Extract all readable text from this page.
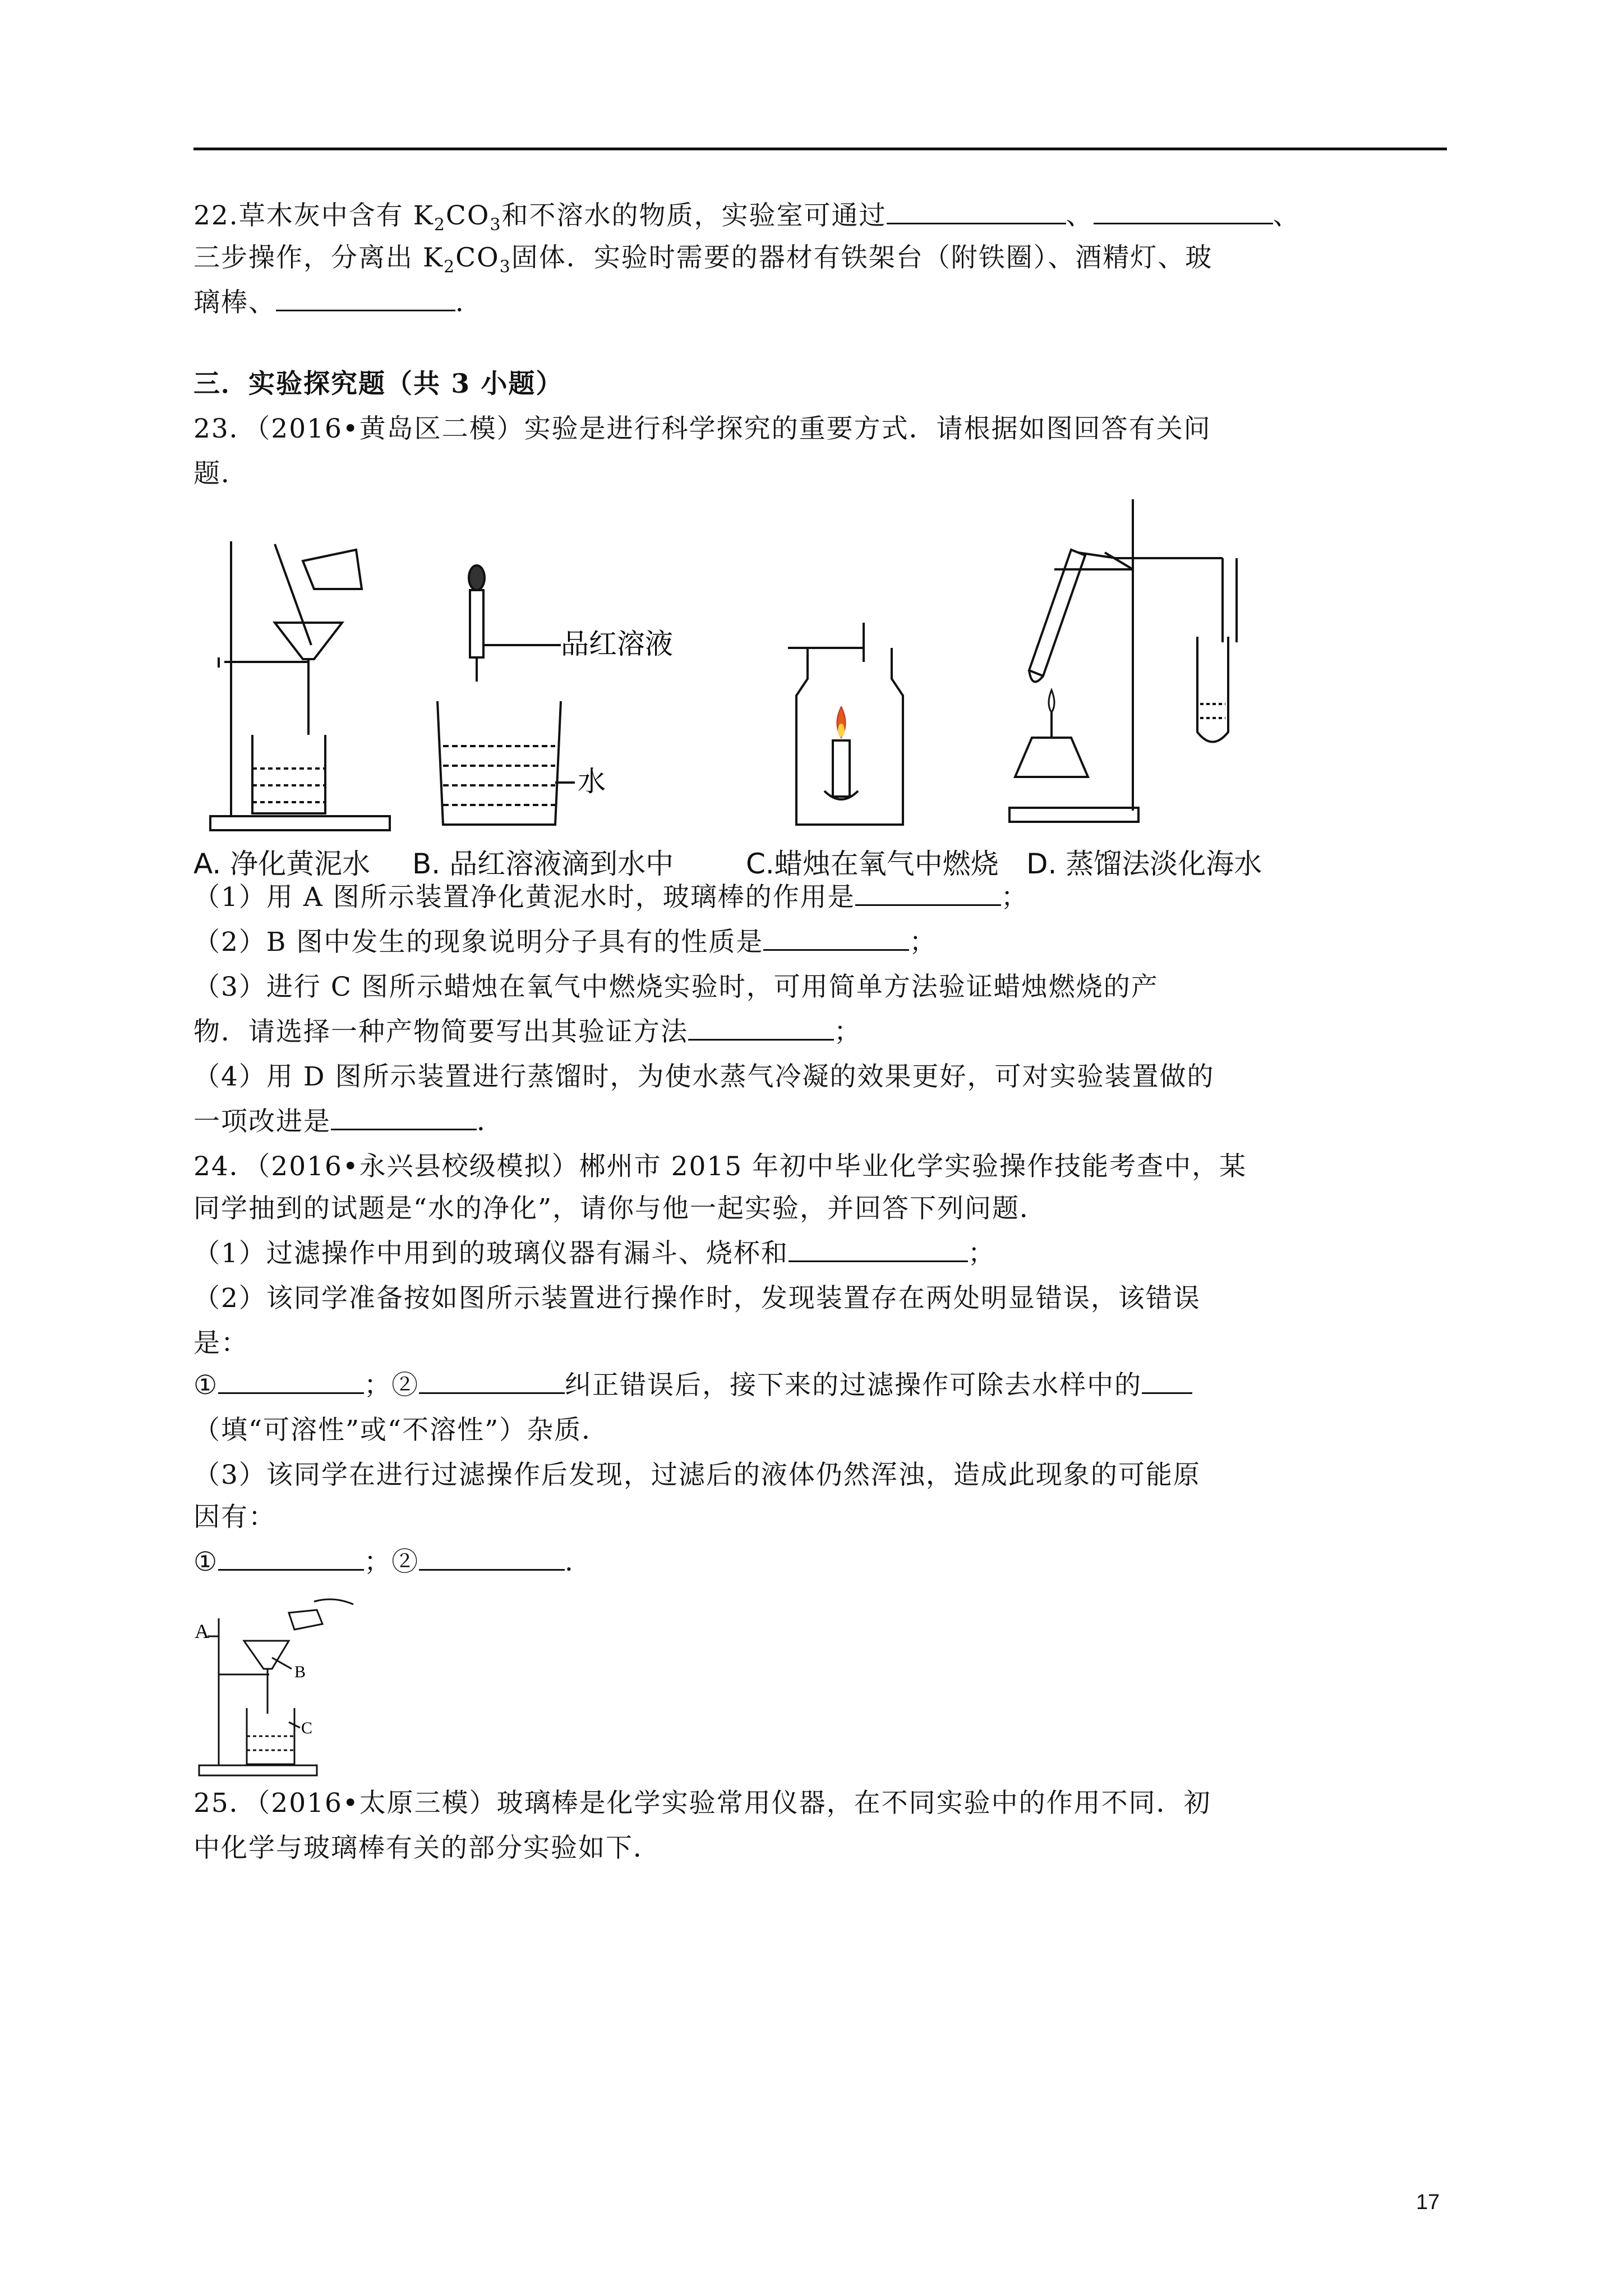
22.草木灰中含有 $K_2CO_3$和不溶水的物质，实验室可通过	、	、
三步操作，分离出 $K_2CO_3$固体．实验时需要的器材有铁架台（附铁圈）、酒精灯、玻
璃棒、	．
三．实验探究题（共 3 小题）
23．（2016•黄岛区二模）实验是进行科学探究的重要方式．请根据如图回答有关问
题．
品红溶液
水
A. 净化黄泥水 B. 品红溶液滴到水中	C.蜡烛在氧气中燃烧 D. 蒸馏法淡化海水
（1）用 A 图所示装置净化黄泥水时，玻璃棒的作用是	；
（2）B 图中发生的现象说明分子具有的性质是	；
（3）进行 C 图所示蜡烛在氧气中燃烧实验时，可用简单方法验证蜡烛燃烧的产
物．请选择一种产物简要写出其验证方法	；
（4）用 D 图所示装置进行蒸馏时，为使水蒸气冷凝的效果更好，可对实验装置做的
一项改进是	．
24．（2016•永兴县校级模拟）郴州市 2015 年初中毕业化学实验操作技能考查中，某
同学抽到的试题是“水的净化”，请你与他一起实验，并回答下列问题．
（1）过滤操作中用到的玻璃仪器有漏斗、烧杯和	；
（2）该同学准备按如图所示装置进行操作时，发现装置存在两处明显错误，该错误
是：
①	；②	纠正错误后，接下来的过滤操作可除去水样中的
（填“可溶性”或“不溶性”）杂质．
（3）该同学在进行过滤操作后发现，过滤后的液体仍然浑浊，造成此现象的可能原
因有：
①	；②	．
A
B
C
25．（2016•太原三模）玻璃棒是化学实验常用仪器，在不同实验中的作用不同．初
中化学与玻璃棒有关的部分实验如下．
17
